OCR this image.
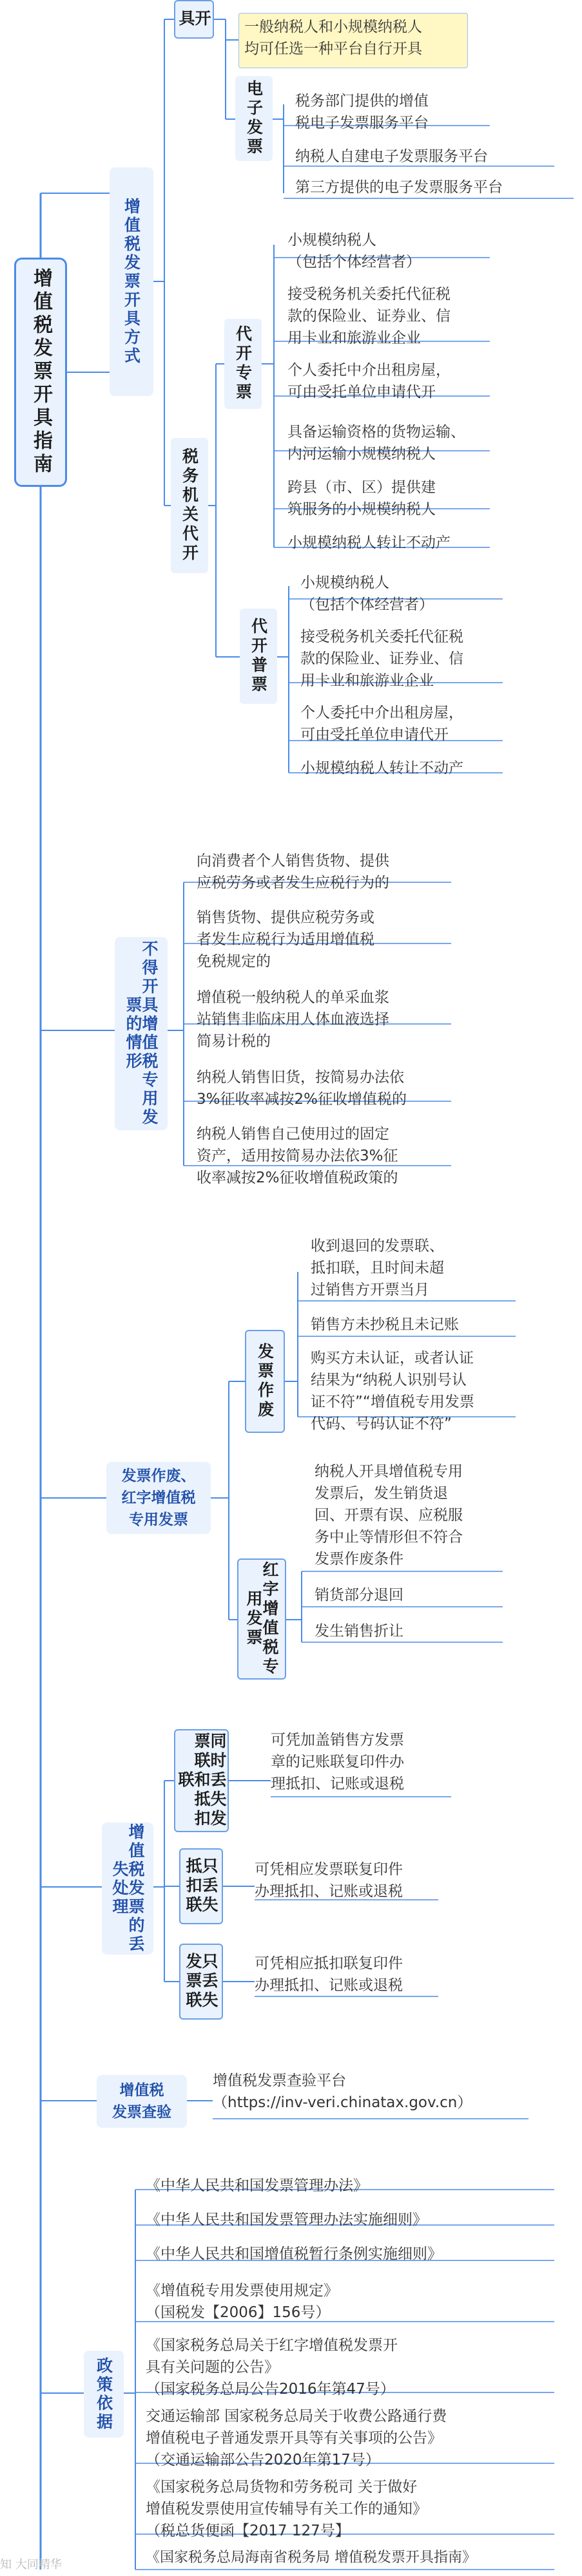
增值税发票开具指南	增值税发票开具方式
开具	一般纳税人和小规模纳税人
均可任选一种平台自行开具
电子发票 税务部门提供的增值
税电子发票服务平台
纳税人自建电子发票服务平台
第三方提供的电子发票服务平台
税务机关代开
代开专票
小规模纳税人
（包括个体经营者）
接受税务机关委托代征税
款的保险业、证券业、信
用卡业和旅游业企业
个人委托中介出租房屋，
可由受托单位申请代开
具备运输资格的货物运输、
内河运输小规模纳税人
跨县（市、区）提供建
筑服务的小规模纳税人
小规模纳税人转让不动产
代开普票
小规模纳税人
（包括个体经营者）
接受税务机关委托代征税
款的保险业、证券业、信
用卡业和旅游业企业
个人委托中介出租房屋，
可由受托单位申请代开
小规模纳税人转让不动产
不得开具增值税专用发票的情形
向消费者个人销售货物、提供
应税劳务或者发生应税行为的
销售货物、提供应税劳务或
者发生应税行为适用增值税
免税规定的
增值税一般纳税人的单采血浆
站销售非临床用人体血液选择
简易计税的
纳税人销售旧货，按简易办法依
3%征收率减按2%征收增值税的
纳税人销售自己使用过的固定
资产，适用按简易办法依3%征
收率减按2%征收增值税政策的
发票作废、
红字增值税
专用发票
发票作废
收到退回的发票联、
抵扣联，且时间未超
过销售方开票当月
销售方未抄税且未记账
购买方未认证，或者认证
结果为“纳税人识别号认
证不符”“增值税专用发票
代码、号码认证不符”
红字增值税专用发票
纳税人开具增值税专用
发票后，发生销货退
回、开票有误、应税服
务中止等情形但不符合
发票作废条件
销货部分退回
发生销售折让
增值税发票的丢失处理
同时丢失发票联和抵扣联
可凭加盖销售方发票
章的记账联复印件办
理抵扣、记账或退税
只丢失抵扣联	可凭相应发票联复印件
办理抵扣、记账或退税
只丢失发票联	可凭相应抵扣联复印件
办理抵扣、记账或退税
增值税
发票查验
增值税发票查验平台
（https://inv-veri.chinatax.gov.cn）
政策依据
《中华人民共和国发票管理办法》
《中华人民共和国发票管理办法实施细则》
《中华人民共和国增值税暂行条例实施细则》
《增值税专用发票使用规定》
（国税发【2006】156号）
《国家税务总局关于红字增值税发票开
具有关问题的公告》
（国家税务总局公告2016年第47号）
交通运输部 国家税务总局关于收费公路通行费
增值税电子普通发票开具等有关事项的公告》
（交通运输部公告2020年第17号）
《国家税务总局货物和劳务税司 关于做好
增值税发票使用宣传辅导有关工作的通知》
（税总货便函【2017 127号】
《国家税务总局海南省税务局 增值税发票开具指南》
知 大同精华
